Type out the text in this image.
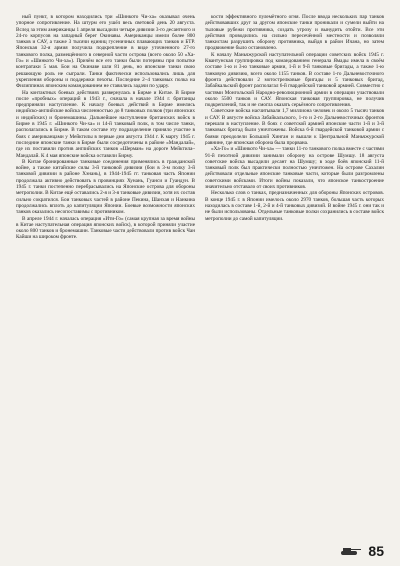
ный пункт, в котором находились три «Шинкото Чи-ха» оказывал очень упорное сопротивление. На штурм его ушёл весь световой день 20 августа. Вслед за этим американцы 1 апреля высадили четыре дивизии 3-го десантного и 24-го корпусов на западный берег Окинавы. Американцы имели более 800 танков и САУ, а также 3 тысячи единиц гусеничных плавающих танков и БТР. Японская 32-я армия получила подкрепление в виде уточненного 27-го танкового полка, размещённого в северной части острова (всего около 50 «Ха-Го» и «Шинкото Чи-ха»). Причём все его танки были потеряны при попытке контратаки 5 мая. Бои на Окинаве шли 81 день, но японские танки свою решающую роль не сыграли. Танки фактически использовались лишь для укрепления обороны и поддержки пехоты. Последние 2–4 танковых полка на Филиппинах японским командованием не ставились задачи по удару.

На контактных боевых действиях развернулась в Бирме и Китае. В Бирме после «пробных» операций в 1943 г., сначала в начале 1944 г. британцы предприняли наступление. К началу боевых действий в Бирме имелись индийско-английские войска численностью до 8 танковых полков (три японских и индийских) и бронемашины. Дальнейшее наступление британских войск в Бирме в 1945 г. «Шинкото Чи-ха» и 14-й танковый полк, в том числе танки, располагались в Бирме. В таком составе эту подразделение приняло участие в боях с американцами у Мейктилы в первые дни августа 1944 г. К марту 1945 г. последние японские танки в Бирме были сосредоточены в районе «Мандалай», где их поставили против английских танков «Шерман» на дороге Мейктила–Мандалай. К 4 мая японские войска оставили Бирму.

В Китае бронированные танковые соединения применялись в гражданской войне, а также китайские силы 3-й танковой дивизии (бои в 3-м полку 3-й танковой дивизии в районе Хэнань), в 1944-1945 гг. танковая часть Японии продолжала активно действовать в провинциях Хунань, Гуанси и Гуандун. В 1945 г. танки постепенно перебрасывались на Японские острова для обороны метрополии. В Китае ещё оставались 2-я и 3-я танковые дивизии, хотя их состав сильно сократился. Бои танковых частей в районе Пекина, Шанхая и Нанкина продолжались вплоть до капитуляции Японии. Боевые возможности японских танков оказались несопоставимы с противником.

В апреле 1944 г. началась операция «Ити-Го» (самая крупная за время войны в Китае наступательная операция японских войск), в которой приняли участие около 800 танков и бронемашин. Танковые части действовали против войск Чан Кайши на широком фронте.

кости эффективного пулемётного огня. После ввода нескольких пар танков действовавших друг за другом японские танки проникали и сумели выйти на тыловые рубежи противника, создать угрозу и вынудить отойти. Все эти действия проводились на сильно пересечённой местности и позволяли танкистам разрушить оборону противника, выйдя в район Ичана, но затем продвижение было остановлено.

К началу Маньчжурской наступательной операции советских войск 1945 г. Квантунская группировка под командованием генерала Ямады имела в своём составе 1-ю и 3-ю танковые армии, 1-й и 9-й танковые бригады, а также 1-ю танковую дивизию, всего около 1155 танков. В составе 1-го Дальневосточного фронта действовали 2 мотострелковые бригады и 5 танковых бригад, Забайкальский фронт располагал 6-й гвардейской танковой армией. Совместно с частями Монгольской Народно-революционной армии в операции участвовали около 5500 танков и САУ. Японская танковая группировка, не получив подкреплений, так и не смогла оказать серьёзного сопротивления.

Советские войска насчитывали 1,7 миллиона человек и около 5 тысяч танков и САУ. В августе войска Забайкальского, 1-го и 2-го Дальневосточных фронтов перешли в наступление. В боях с советской армией японские части 1-й и 3-й танковых бригад были уничтожены. Войска 6-й гвардейской танковой армии с боями преодолели Большой Хинган и вышли к Центральной Маньчжурской равнине, где японская оборона была прорвана.

«Ха-Го» и «Шинкото Чи-ха» — танки 11-го танкового полка вместе с частями 91-й пехотной дивизии занимали оборону на острове Шумшу. 18 августа советские войска высадили десант на Шумшу; в ходе боёв японский 11-й танковый полк был практически полностью уничтожен. На острове Сахалин действовали отдельные японские танковые части, которые были разгромлены советскими войсками. Итоги войны показали, что японское танкостроение значительно отставало от своих противников.

Несколько слов о танках, предназначенных для обороны Японских островов. В конце 1945 г. в Японии имелось около 2970 танков, большая часть которых находилась в составе 1-й, 2-й и 4-й танковых дивизий. В войне 1945 г. они так и не были использованы. Отдельные танковые полки сохранились в составе войск метрополии до самой капитуляции.

85
